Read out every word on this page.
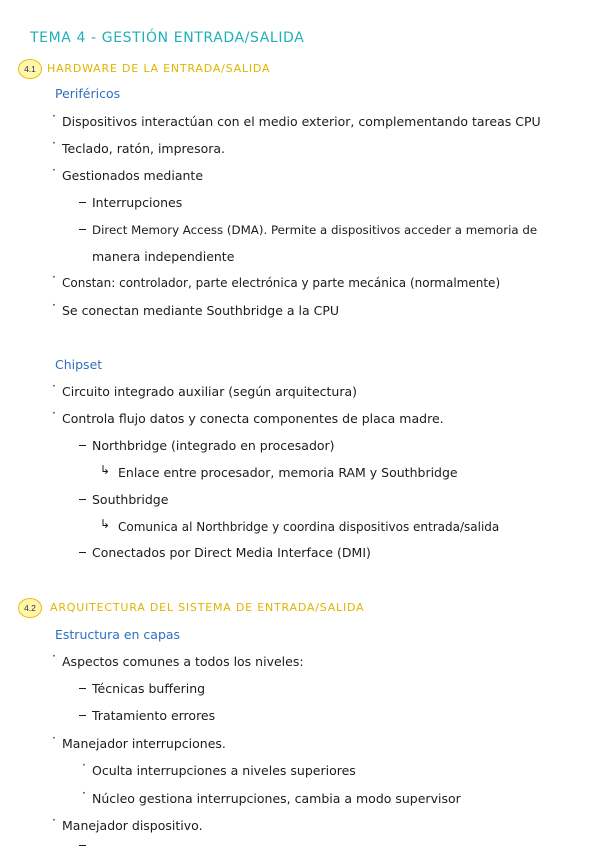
TEMA 4 - GESTIÓN ENTRADA/SALIDA
4.1	HARDWARE DE LA ENTRADA/SALIDA
Periféricos
· Dispositivos interactúan con el medio exterior, complementando tareas CPU
· Teclado, ratón, impresora.
· Gestionados mediante
Interrupciones
Direct Memory Access (DMA). Permite a dispositivos acceder a memoria de
manera independiente
· Constan: controlador, parte electrónica y parte mecánica (normalmente)
· Se conectan mediante Southbridge a la CPU
Chipset
· Circuito integrado auxiliar (según arquitectura)
· Controla flujo datos y conecta componentes de placa madre.
Northbridge (integrado en procesador)
↳ Enlace entre procesador, memoria RAM y Southbridge
Southbridge
↳ Comunica al Northbridge y coordina dispositivos entrada/salida
Conectados por Direct Media Interface (DMI)
4.2	ARQUITECTURA DEL SISTEMA DE ENTRADA/SALIDA
Estructura en capas
· Aspectos comunes a todos los niveles:
Técnicas buffering
Tratamiento errores
· Manejador interrupciones.
· Oculta interrupciones a niveles superiores
· Núcleo gestiona interrupciones, cambia a modo supervisor
· Manejador dispositivo.
